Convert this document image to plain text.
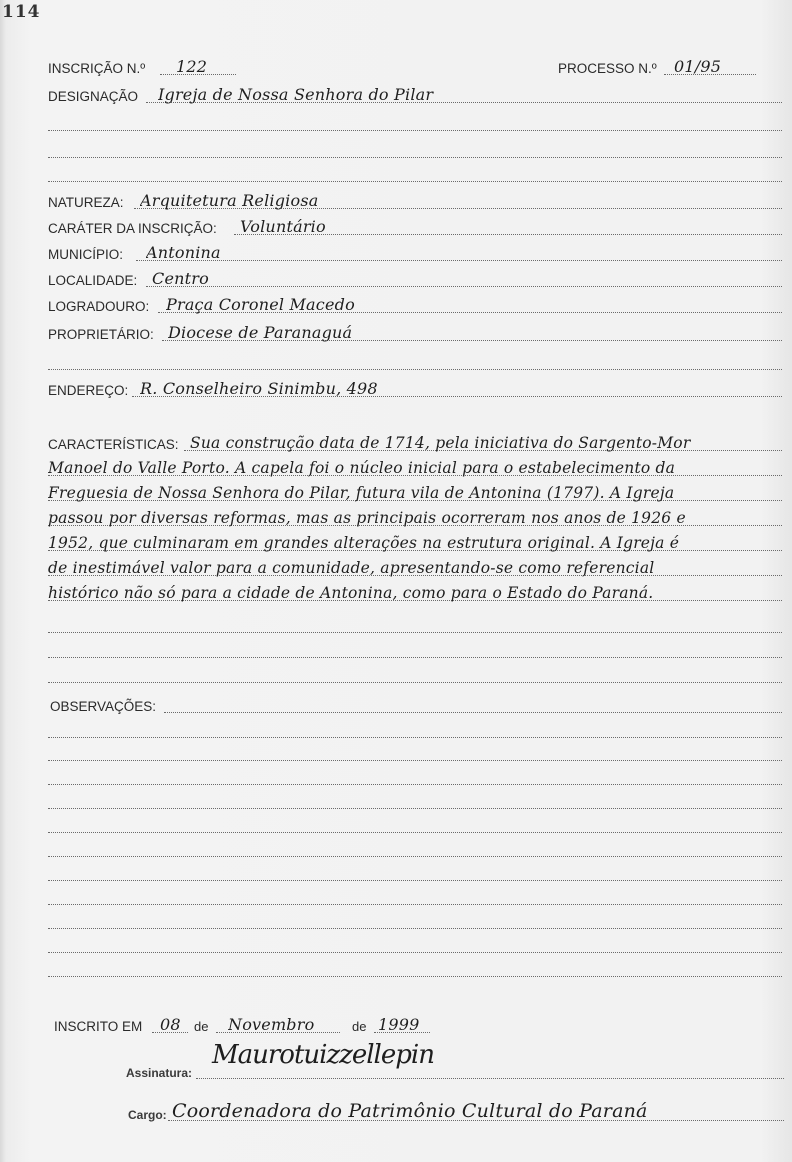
114
INSCRIÇÃO N.º 122	PROCESSO N.º 01/95
DESIGNAÇÃO Igreja de Nossa Senhora do Pilar
NATUREZA: Arquitetura Religiosa
CARÁTER DA INSCRIÇÃO: Voluntário
MUNICÍPIO: Antonina
LOCALIDADE: Centro
LOGRADOURO: Praça Coronel Macedo
PROPRIETÁRIO: Diocese de Paranaguá
ENDEREÇO: R. Conselheiro Sinimbu, 498
CARACTERÍSTICAS: Sua construção data de 1714, pela iniciativa do Sargento-Mor
Manoel do Valle Porto. A capela foi o núcleo inicial para o estabelecimento da
Freguesia de Nossa Senhora do Pilar, futura vila de Antonina (1797). A Igreja
passou por diversas reformas, mas as principais ocorreram nos anos de 1926 e
1952, que culminaram em grandes alterações na estrutura original. A Igreja é
de inestimável valor para a comunidade, apresentando-se como referencial
histórico não só para a cidade de Antonina, como para o Estado do Paraná.
OBSERVAÇÕES:
INSCRITO EM 08 de Novembro	de 1999
Assinatura:
Maurotuizzellepin
Cargo: Coordenadora do Patrimônio Cultural do Paraná
